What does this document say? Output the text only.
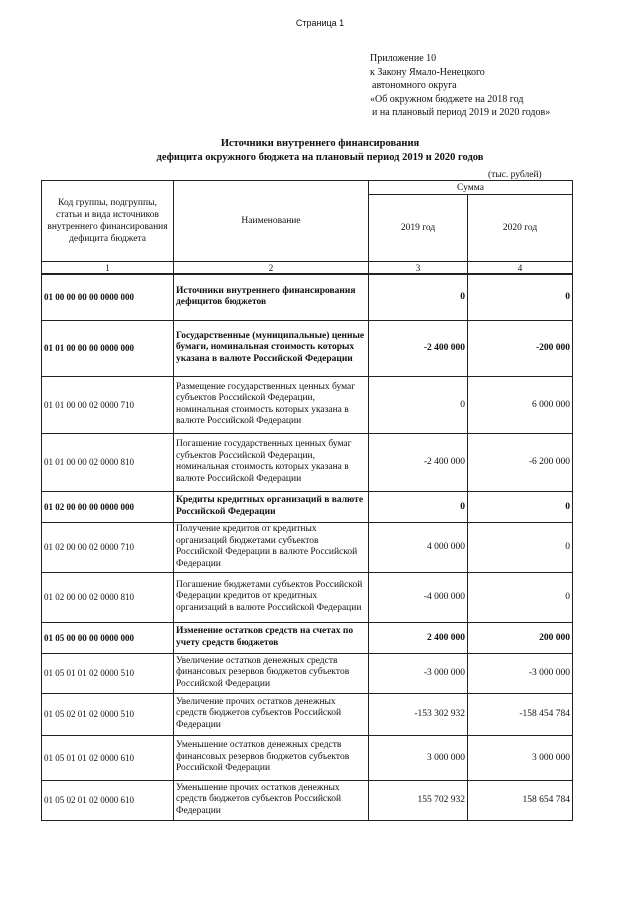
Страница 1
Приложение 10
к Закону Ямало-Ненецкого
автономного округа
«Об окружном бюджете на 2018 год
и на плановый период 2019 и 2020 годов»
Источники внутреннего финансирования
дефицита окружного бюджета на плановый период 2019 и 2020 годов
(тыс. рублей)
Код группы, подгруппы, статьи и вида источников внутреннего финансирования дефицита бюджета	Наименование	Сумма	
		2019 год	2020 год
1	2	3	4
01 00 00 00 00 0000 000	Источники внутреннего финансирования дефицитов бюджетов	0	0
01 01 00 00 00 0000 000	Государственные (муниципальные) ценные бумаги, номинальная стоимость которых указана в валюте Российской Федерации	-2 400 000	-200 000
01 01 00 00 02 0000 710	Размещение государственных ценных бумаг субъектов Российской Федерации, номинальная стоимость которых указана в валюте Российской Федерации	0	6 000 000
01 01 00 00 02 0000 810	Погашение государственных ценных бумаг субъектов Российской Федерации, номинальная стоимость которых указана в валюте Российской Федерации	-2 400 000	-6 200 000
01 02 00 00 00 0000 000	Кредиты кредитных организаций в валюте Российской Федерации	0	0
01 02 00 00 02 0000 710	Получение кредитов от кредитных организаций бюджетами субъектов Российской Федерации в валюте Российской Федерации	4 000 000	0
01 02 00 00 02 0000 810	Погашение бюджетами субъектов Российской Федерации кредитов от кредитных организаций в валюте Российской Федерации	-4 000 000	0
01 05 00 00 00 0000 000	Изменение остатков средств на счетах по учету средств бюджетов	2 400 000	200 000
01 05 01 01 02 0000 510	Увеличение остатков денежных средств финансовых резервов бюджетов субъектов Российской Федерации	-3 000 000	-3 000 000
01 05 02 01 02 0000 510	Увеличение прочих остатков денежных средств бюджетов субъектов Российской Федерации	-153 302 932	-158 454 784
01 05 01 01 02 0000 610	Уменьшение остатков денежных средств финансовых резервов бюджетов субъектов Российской Федерации	3 000 000	3 000 000
01 05 02 01 02 0000 610	Уменьшение прочих остатков денежных средств бюджетов субъектов Российской Федерации	155 702 932	158 654 784
